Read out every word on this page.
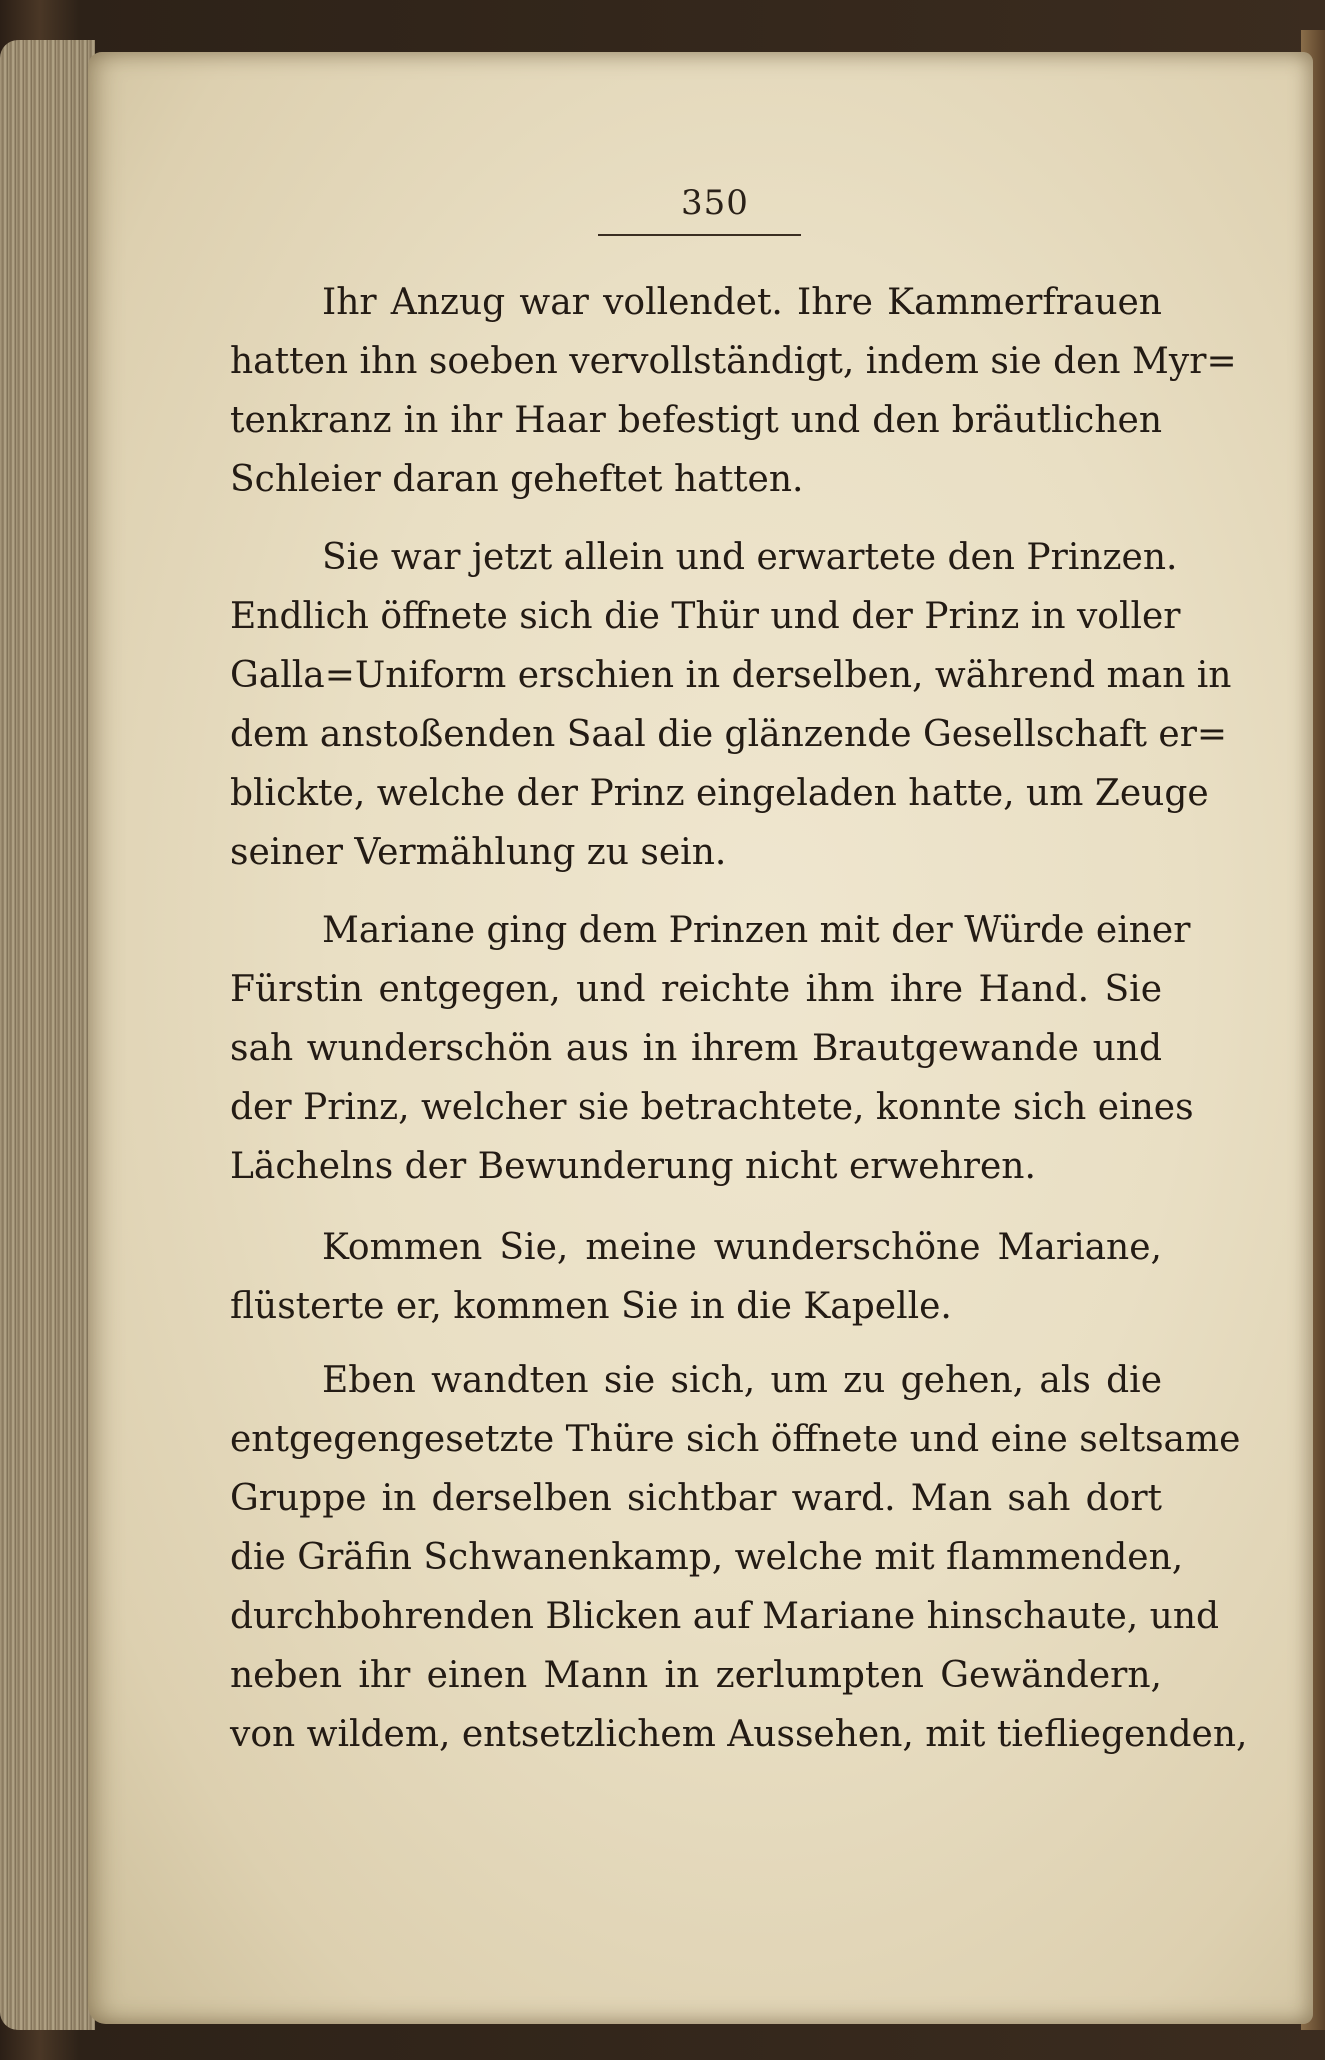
350
Ihr Anzug war vollendet. Ihre Kammerfrauen
hatten ihn soeben vervollständigt, indem sie den Myr=
tenkranz in ihr Haar befestigt und den bräutlichen
Schleier daran geheftet hatten.
Sie war jetzt allein und erwartete den Prinzen.
Endlich öffnete sich die Thür und der Prinz in voller
Galla=Uniform erschien in derselben, während man in
dem anstoßenden Saal die glänzende Gesellschaft er=
blickte, welche der Prinz eingeladen hatte, um Zeuge
seiner Vermählung zu sein.
Mariane ging dem Prinzen mit der Würde einer
Fürstin entgegen, und reichte ihm ihre Hand. Sie
sah wunderschön aus in ihrem Brautgewande und
der Prinz, welcher sie betrachtete, konnte sich eines
Lächelns der Bewunderung nicht erwehren.
Kommen Sie, meine wunderschöne Mariane,
flüsterte er, kommen Sie in die Kapelle.
Eben wandten sie sich, um zu gehen, als die
entgegengesetzte Thüre sich öffnete und eine seltsame
Gruppe in derselben sichtbar ward. Man sah dort
die Gräfin Schwanenkamp, welche mit flammenden,
durchbohrenden Blicken auf Mariane hinschaute, und
neben ihr einen Mann in zerlumpten Gewändern,
von wildem, entsetzlichem Aussehen, mit tiefliegenden,
